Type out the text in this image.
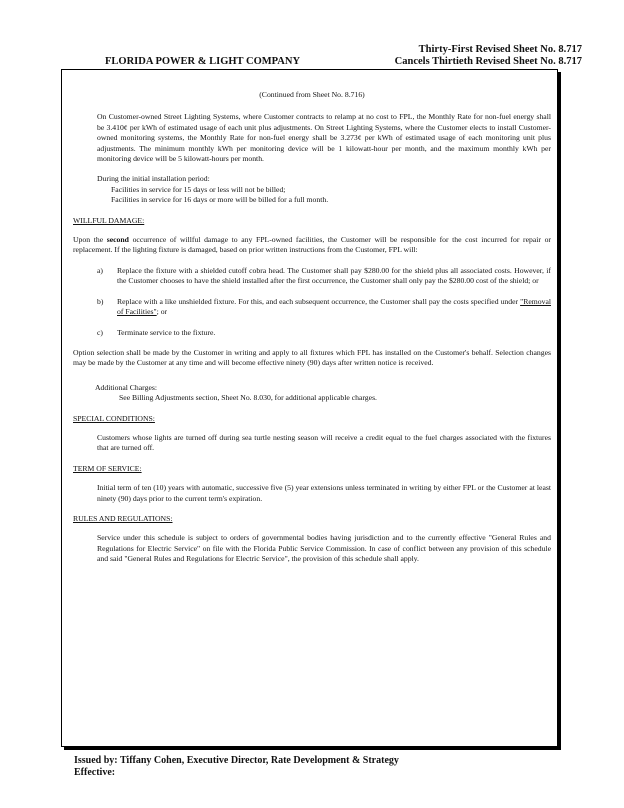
Thirty-First Revised Sheet No. 8.717
Cancels Thirtieth Revised Sheet No. 8.717
FLORIDA POWER & LIGHT COMPANY

(Continued from Sheet No. 8.716)

On Customer-owned Street Lighting Systems, where Customer contracts to relamp at no cost to FPL, the Monthly Rate for non-fuel energy shall be 3.410¢ per kWh of estimated usage of each unit plus adjustments. On Street Lighting Systems, where the Customer elects to install Customer-owned monitoring systems, the Monthly Rate for non-fuel energy shall be 3.273¢ per kWh of estimated usage of each monitoring unit plus adjustments. The minimum monthly kWh per monitoring device will be 1 kilowatt-hour per month, and the maximum monthly kWh per monitoring device will be 5 kilowatt-hours per month.

During the initial installation period:

Facilities in service for 15 days or less will not be billed;

Facilities in service for 16 days or more will be billed for a full month.

WILLFUL DAMAGE:

Upon the second occurrence of willful damage to any FPL-owned facilities, the Customer will be responsible for the cost incurred for repair or replacement. If the lighting fixture is damaged, based on prior written instructions from the Customer, FPL will:

a)	Replace the fixture with a shielded cutoff cobra head. The Customer shall pay $280.00 for the shield plus all associated costs. However, if the Customer chooses to have the shield installed after the first occurrence, the Customer shall only pay the $280.00 cost of the shield; or
b)	Replace with a like unshielded fixture. For this, and each subsequent occurrence, the Customer shall pay the costs specified under "Removal of Facilities"; or
c)	Terminate service to the fixture.

Option selection shall be made by the Customer in writing and apply to all fixtures which FPL has installed on the Customer's behalf. Selection changes may be made by the Customer at any time and will become effective ninety (90) days after written notice is received.

Additional Charges:

See Billing Adjustments section, Sheet No. 8.030, for additional applicable charges.

SPECIAL CONDITIONS:

Customers whose lights are turned off during sea turtle nesting season will receive a credit equal to the fuel charges associated with the fixtures that are turned off.

TERM OF SERVICE:

Initial term of ten (10) years with automatic, successive five (5) year extensions unless terminated in writing by either FPL or the Customer at least ninety (90) days prior to the current term's expiration.

RULES AND REGULATIONS:

Service under this schedule is subject to orders of governmental bodies having jurisdiction and to the currently effective "General Rules and Regulations for Electric Service" on file with the Florida Public Service Commission. In case of conflict between any provision of this schedule and said "General Rules and Regulations for Electric Service", the provision of this schedule shall apply.

Issued by: Tiffany Cohen, Executive Director, Rate Development & Strategy
Effective:
